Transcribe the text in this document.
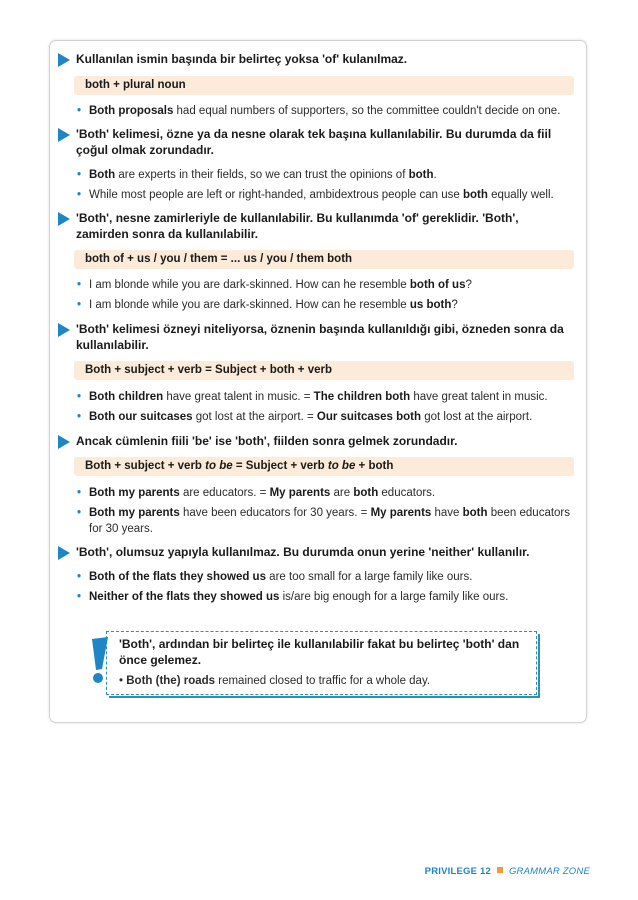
Kullanılan ismin başında bir belirteç yoksa 'of' kulanılmaz.
both + plural noun
• Both proposals had equal numbers of supporters, so the committee couldn't decide on one.
'Both' kelimesi, özne ya da nesne olarak tek başına kullanılabilir. Bu durumda da fiil çoğul olmak zorundadır.
• Both are experts in their fields, so we can trust the opinions of both.
• While most people are left or right-handed, ambidextrous people can use both equally well.
'Both', nesne zamirleriyle de kullanılabilir. Bu kullanımda 'of' gereklidir. 'Both', zamirden sonra da kullanılabilir.
both of + us / you / them = ... us / you / them both
• I am blonde while you are dark-skinned. How can he resemble both of us?
• I am blonde while you are dark-skinned. How can he resemble us both?
'Both' kelimesi özneyi niteliyorsa, öznenin başında kullanıldığı gibi, özneden sonra da kullanılabilir.
Both + subject + verb = Subject + both + verb
• Both children have great talent in music. = The children both have great talent in music.
• Both our suitcases got lost at the airport. = Our suitcases both got lost at the airport.
Ancak cümlenin fiili 'be' ise 'both', fiilden sonra gelmek zorundadır.
Both + subject + verb to be = Subject + verb to be + both
• Both my parents are educators. = My parents are both educators.
• Both my parents have been educators for 30 years. = My parents have both been educators for 30 years.
'Both', olumsuz yapıyla kullanılmaz. Bu durumda onun yerine 'neither' kullanılır.
• Both of the flats they showed us are too small for a large family like ours.
• Neither of the flats they showed us is/are big enough for a large family like ours.
'Both', ardından bir belirteç ile kullanılabilir fakat bu belirteç 'both' dan önce gelemez.
• Both (the) roads remained closed to traffic for a whole day.
PRIVILEGE 12 GRAMMAR ZONE
